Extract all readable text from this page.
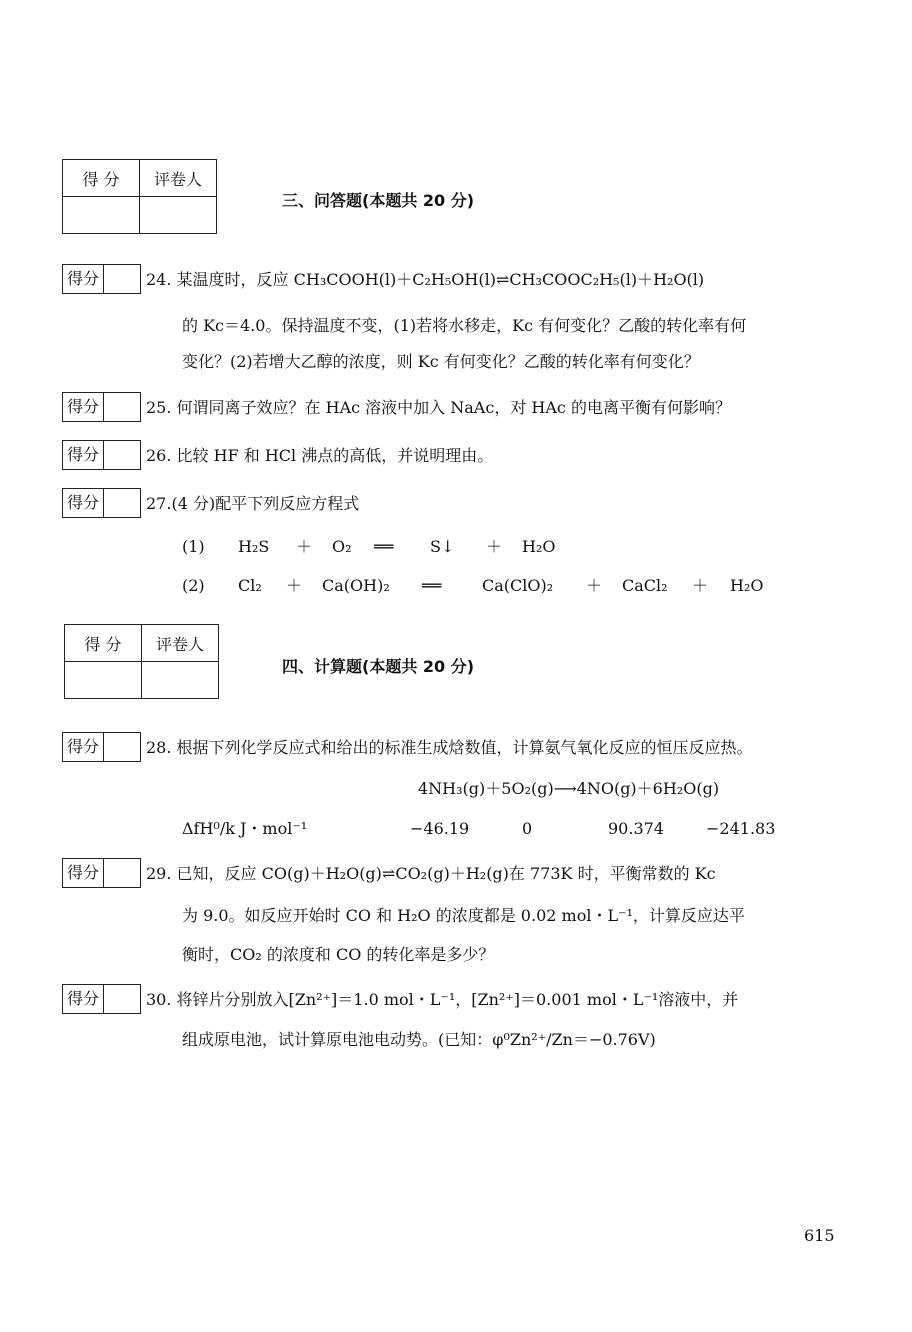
得 分	评卷人

三、问答题(本题共 20 分)
得分	24. 某温度时，反应 CH₃COOH(l)＋C₂H₅OH(l)⇌CH₃COOC₂H₅(l)＋H₂O(l)
的 Kc＝4.0。保持温度不变，(1)若将水移走，Kc 有何变化？乙酸的转化率有何
变化？(2)若增大乙醇的浓度，则 Kc 有何变化？乙酸的转化率有何变化？
得分	25. 何谓同离子效应？在 HAc 溶液中加入 NaAc，对 HAc 的电离平衡有何影响？
得分	26. 比较 HF 和 HCl 沸点的高低，并说明理由。
得分	27.(4 分)配平下列反应方程式
(1) H₂S ＋ O₂ ══ S↓ ＋ H₂O
(2) Cl₂ ＋ Ca(OH)₂ ══	Ca(ClO)₂ ＋ CaCl₂ ＋ H₂O
得 分	评卷人

四、计算题(本题共 20 分)
得分	28. 根据下列化学反应式和给出的标准生成焓数值，计算氨气氧化反应的恒压反应热。
4NH₃(g)＋5O₂(g)⟶4NO(g)＋6H₂O(g)
ΔfH⁰/k J・mol⁻¹	−46.19	0	90.374	−241.83
得分	29. 已知，反应 CO(g)＋H₂O(g)⇌CO₂(g)＋H₂(g)在 773K 时，平衡常数的 Kc
为 9.0。如反应开始时 CO 和 H₂O 的浓度都是 0.02 mol・L⁻¹，计算反应达平
衡时，CO₂ 的浓度和 CO 的转化率是多少？
得分	30. 将锌片分别放入[Zn²⁺]＝1.0 mol・L⁻¹，[Zn²⁺]＝0.001 mol・L⁻¹溶液中，并
组成原电池，试计算原电池电动势。(已知：φ⁰Zn²⁺/Zn＝−0.76V)
615
